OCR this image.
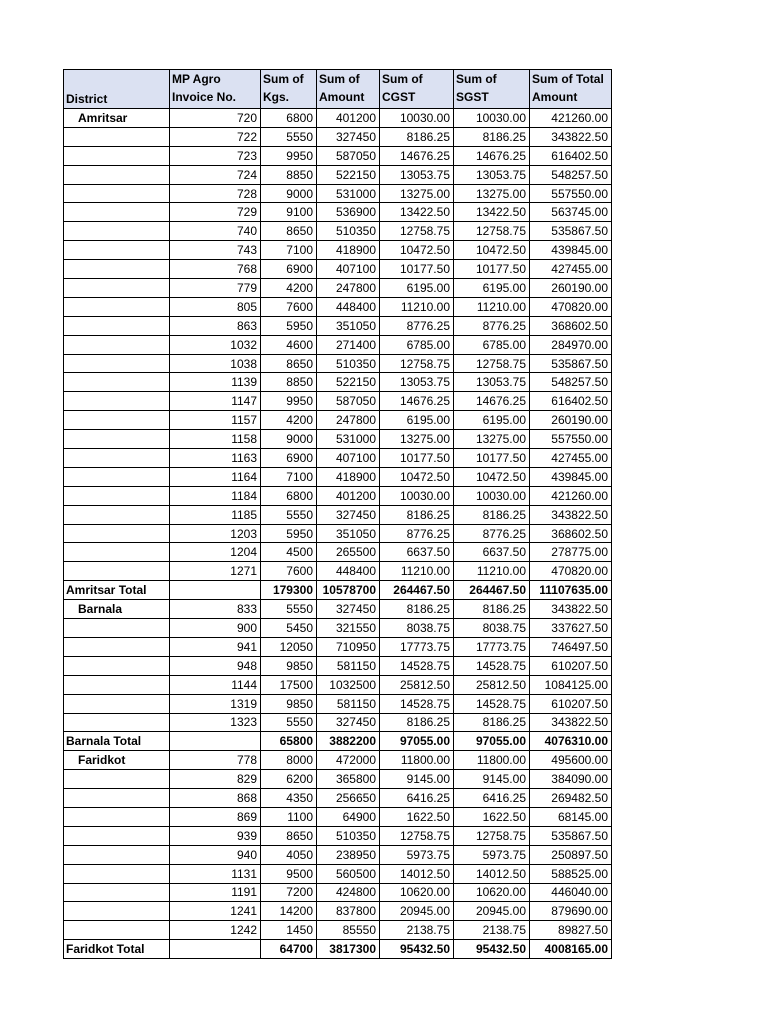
District	MP Agro Invoice No.	Sum of Kgs.	Sum of Amount	Sum of CGST	Sum of SGST	Sum of Total Amount
Amritsar	720	6800	401200	10030.00	10030.00	421260.00
	722	5550	327450	8186.25	8186.25	343822.50
	723	9950	587050	14676.25	14676.25	616402.50
	724	8850	522150	13053.75	13053.75	548257.50
	728	9000	531000	13275.00	13275.00	557550.00
	729	9100	536900	13422.50	13422.50	563745.00
	740	8650	510350	12758.75	12758.75	535867.50
	743	7100	418900	10472.50	10472.50	439845.00
	768	6900	407100	10177.50	10177.50	427455.00
	779	4200	247800	6195.00	6195.00	260190.00
	805	7600	448400	11210.00	11210.00	470820.00
	863	5950	351050	8776.25	8776.25	368602.50
	1032	4600	271400	6785.00	6785.00	284970.00
	1038	8650	510350	12758.75	12758.75	535867.50
	1139	8850	522150	13053.75	13053.75	548257.50
	1147	9950	587050	14676.25	14676.25	616402.50
	1157	4200	247800	6195.00	6195.00	260190.00
	1158	9000	531000	13275.00	13275.00	557550.00
	1163	6900	407100	10177.50	10177.50	427455.00
	1164	7100	418900	10472.50	10472.50	439845.00
	1184	6800	401200	10030.00	10030.00	421260.00
	1185	5550	327450	8186.25	8186.25	343822.50
	1203	5950	351050	8776.25	8776.25	368602.50
	1204	4500	265500	6637.50	6637.50	278775.00
	1271	7600	448400	11210.00	11210.00	470820.00
Amritsar Total		179300	10578700	264467.50	264467.50	11107635.00
Barnala	833	5550	327450	8186.25	8186.25	343822.50
	900	5450	321550	8038.75	8038.75	337627.50
	941	12050	710950	17773.75	17773.75	746497.50
	948	9850	581150	14528.75	14528.75	610207.50
	1144	17500	1032500	25812.50	25812.50	1084125.00
	1319	9850	581150	14528.75	14528.75	610207.50
	1323	5550	327450	8186.25	8186.25	343822.50
Barnala Total		65800	3882200	97055.00	97055.00	4076310.00
Faridkot	778	8000	472000	11800.00	11800.00	495600.00
	829	6200	365800	9145.00	9145.00	384090.00
	868	4350	256650	6416.25	6416.25	269482.50
	869	1100	64900	1622.50	1622.50	68145.00
	939	8650	510350	12758.75	12758.75	535867.50
	940	4050	238950	5973.75	5973.75	250897.50
	1131	9500	560500	14012.50	14012.50	588525.00
	1191	7200	424800	10620.00	10620.00	446040.00
	1241	14200	837800	20945.00	20945.00	879690.00
	1242	1450	85550	2138.75	2138.75	89827.50
Faridkot Total		64700	3817300	95432.50	95432.50	4008165.00
